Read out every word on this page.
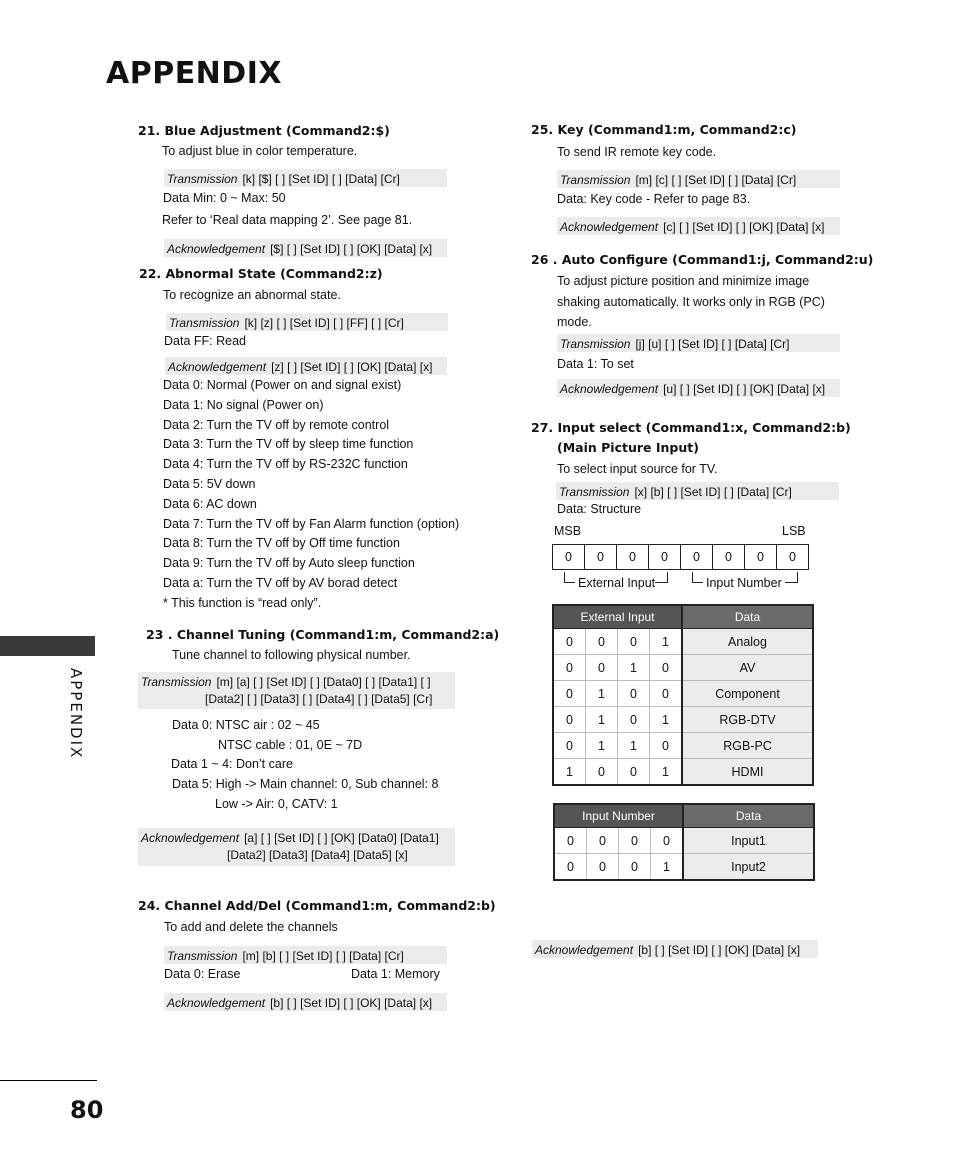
APPENDIX
APPENDIX
80
21. Blue Adjustment (Command2:$)
To adjust blue in color temperature.
Transmission [k] [$] [ ] [Set ID] [ ] [Data] [Cr]
Data Min: 0 ~ Max: 50
Refer to ‘Real data mapping 2’. See page 81.
Acknowledgement [$] [ ] [Set ID] [ ] [OK] [Data] [x]
22. Abnormal State (Command2:z)
To recognize an abnormal state.
Transmission [k] [z] [ ] [Set ID] [ ] [FF] [ ] [Cr]
Data FF: Read
Acknowledgement [z] [ ] [Set ID] [ ] [OK] [Data] [x]
Data 0: Normal (Power on and signal exist)
Data 1: No signal (Power on)
Data 2: Turn the TV off by remote control
Data 3: Turn the TV off by sleep time function
Data 4: Turn the TV off by RS-232C function
Data 5: 5V down
Data 6: AC down
Data 7: Turn the TV off by Fan Alarm function (option)
Data 8: Turn the TV off by Off time function
Data 9: Turn the TV off by Auto sleep function
Data a: Turn the TV off by AV borad detect
* This function is “read only”.
23 . Channel Tuning (Command1:m, Command2:a)
Tune channel to following physical number.
Transmission [m] [a] [ ] [Set ID] [ ] [Data0] [ ] [Data1] [ ]
[Data2] [ ] [Data3] [ ] [Data4] [ ] [Data5] [Cr]
Data 0: NTSC air : 02 ~ 45
NTSC cable : 01, 0E ~ 7D
Data 1 ~ 4: Don’t care
Data 5: High -> Main channel: 0, Sub channel: 8
Low -> Air: 0, CATV: 1
Acknowledgement [a] [ ] [Set ID] [ ] [OK] [Data0] [Data1]
[Data2] [Data3] [Data4] [Data5] [x]
24. Channel Add/Del (Command1:m, Command2:b)
To add and delete the channels
Transmission [m] [b] [ ] [Set ID] [ ] [Data] [Cr]
Data 0: Erase	Data 1: Memory
Acknowledgement [b] [ ] [Set ID] [ ] [OK] [Data] [x]
25. Key (Command1:m, Command2:c)
To send IR remote key code.
Transmission [m] [c] [ ] [Set ID] [ ] [Data] [Cr]
Data: Key code - Refer to page 83.
Acknowledgement [c] [ ] [Set ID] [ ] [OK] [Data] [x]
26 . Auto Configure (Command1:j, Command2:u)
To adjust picture position and minimize image
shaking automatically. It works only in RGB (PC)
mode.
Transmission [j] [u] [ ] [Set ID] [ ] [Data] [Cr]
Data 1: To set
Acknowledgement [u] [ ] [Set ID] [ ] [OK] [Data] [x]
27. Input select (Command1:x, Command2:b)
(Main Picture Input)
To select input source for TV.
Transmission [x] [b] [ ] [Set ID] [ ] [Data] [Cr]
Data: Structure
MSB	LSB
0	0	0	0	0	0	0	0
External Input	Input Number
External Input				Data
0	0	0	1	Analog
0	0	1	0	AV
0	1	0	0	Component
0	1	0	1	RGB-DTV
0	1	1	0	RGB-PC
1	0	0	1	HDMI
Input Number				Data
0	0	0	0	Input1
0	0	0	1	Input2
Acknowledgement [b] [ ] [Set ID] [ ] [OK] [Data] [x]
